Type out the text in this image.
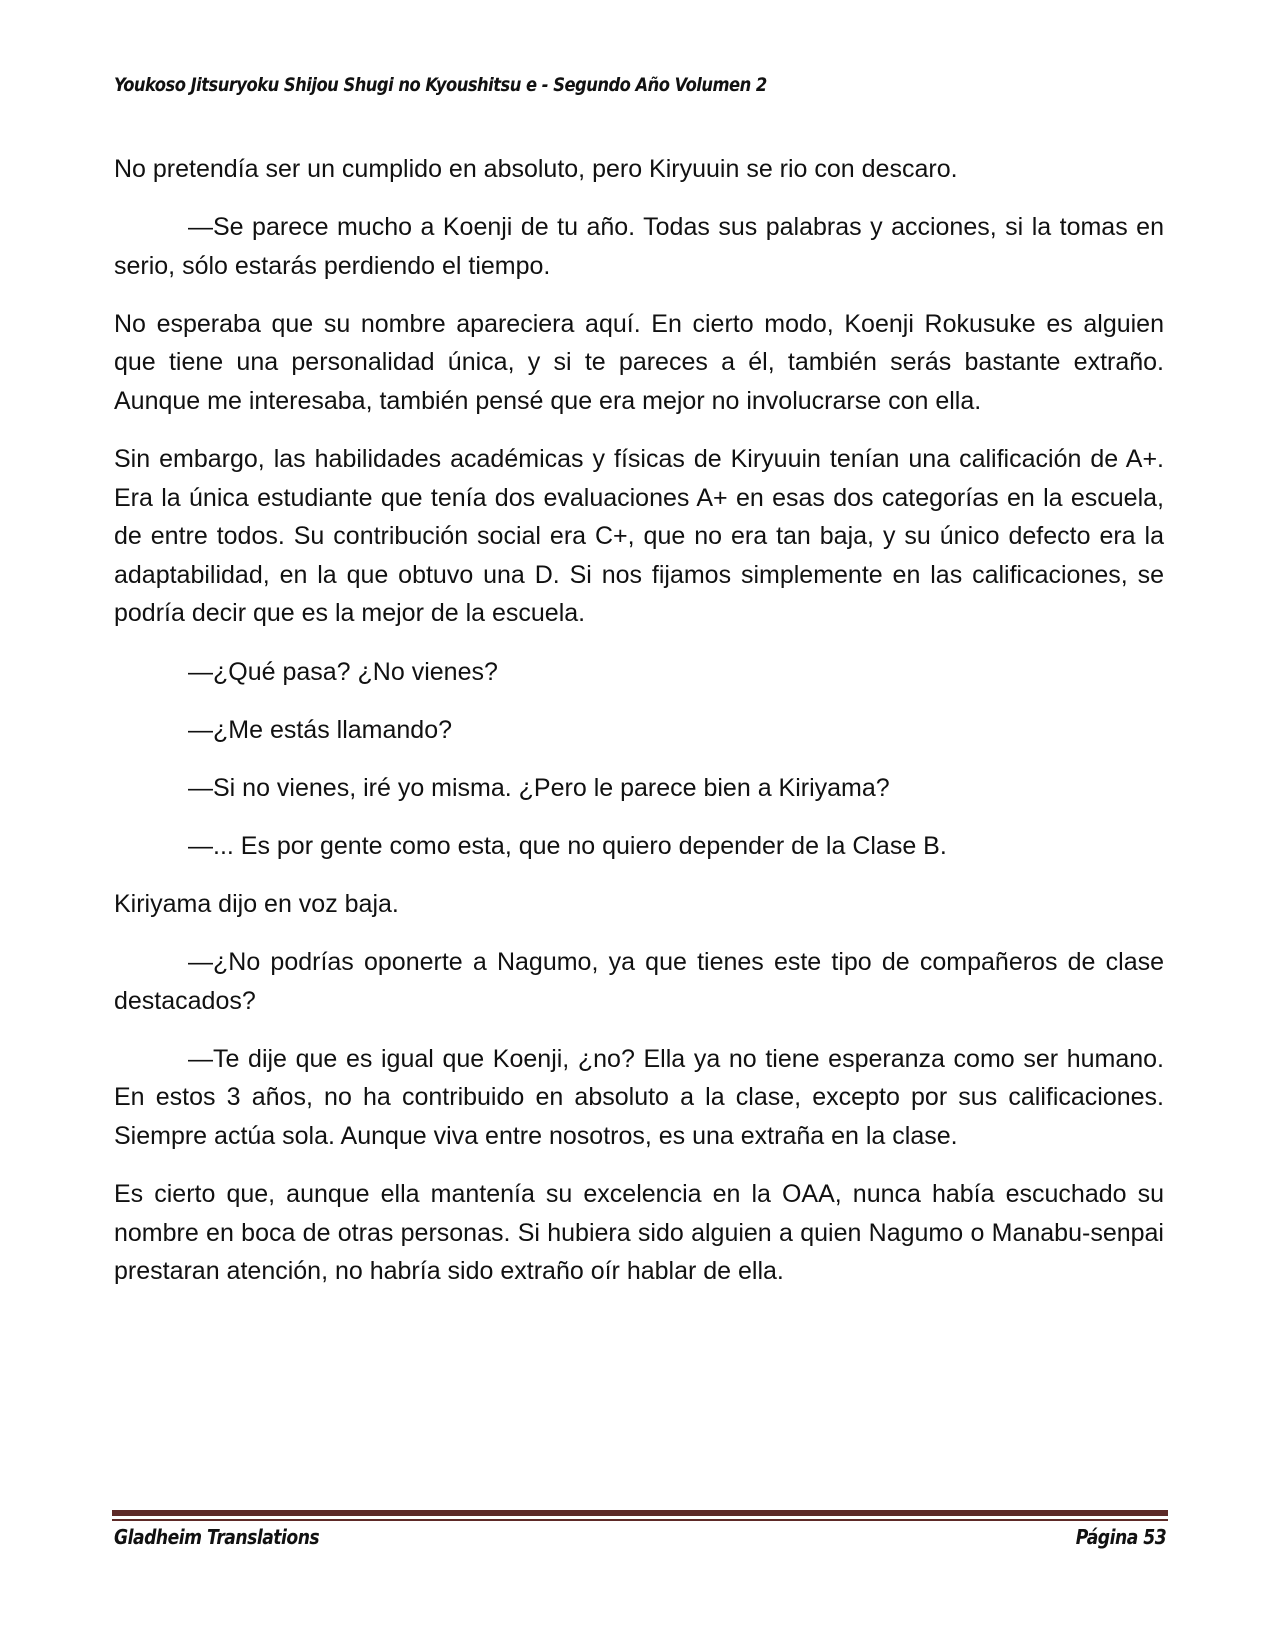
Youkoso Jitsuryoku Shijou Shugi no Kyoushitsu e - Segundo Año Volumen 2

No pretendía ser un cumplido en absoluto, pero Kiryuuin se rio con descaro.

—Se parece mucho a Koenji de tu año. Todas sus palabras y acciones, si la tomas en serio, sólo estarás perdiendo el tiempo.

No esperaba que su nombre apareciera aquí. En cierto modo, Koenji Rokusuke es alguien que tiene una personalidad única, y si te pareces a él, también serás bastante extraño. Aunque me interesaba, también pensé que era mejor no involucrarse con ella.

Sin embargo, las habilidades académicas y físicas de Kiryuuin tenían una calificación de A+. Era la única estudiante que tenía dos evaluaciones A+ en esas dos categorías en la escuela, de entre todos. Su contribución social era C+, que no era tan baja, y su único defecto era la adaptabilidad, en la que obtuvo una D. Si nos fijamos simplemente en las calificaciones, se podría decir que es la mejor de la escuela.

—¿Qué pasa? ¿No vienes?

—¿Me estás llamando?

—Si no vienes, iré yo misma. ¿Pero le parece bien a Kiriyama?

—... Es por gente como esta, que no quiero depender de la Clase B.

Kiriyama dijo en voz baja.

—¿No podrías oponerte a Nagumo, ya que tienes este tipo de compañeros de clase destacados?

—Te dije que es igual que Koenji, ¿no? Ella ya no tiene esperanza como ser humano. En estos 3 años, no ha contribuido en absoluto a la clase, excepto por sus calificaciones. Siempre actúa sola. Aunque viva entre nosotros, es una extraña en la clase.

Es cierto que, aunque ella mantenía su excelencia en la OAA, nunca había escuchado su nombre en boca de otras personas. Si hubiera sido alguien a quien Nagumo o Manabu-senpai prestaran atención, no habría sido extraño oír hablar de ella.

Gladheim Translations	Página 53
